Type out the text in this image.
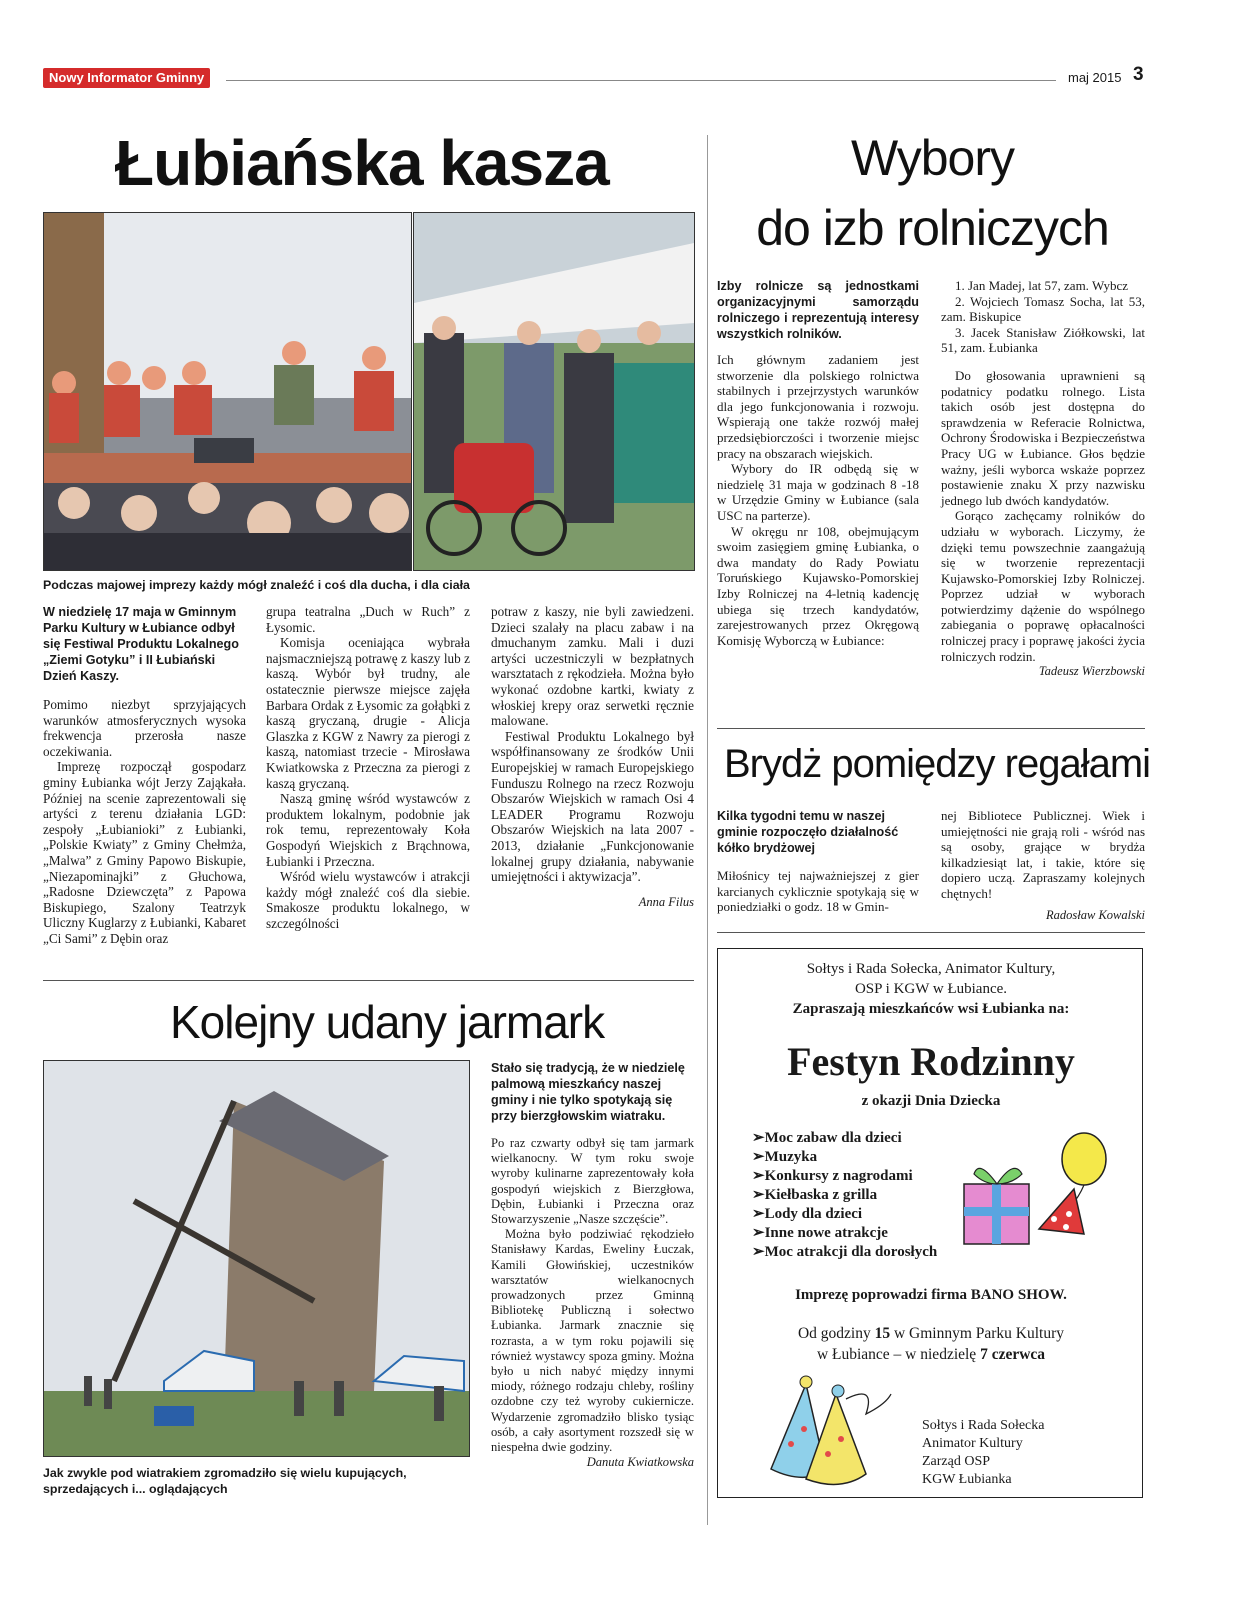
Nowy Informator Gminny	maj 2015 3
Łubiańska kasza
Podczas majowej imprezy każdy mógł znaleźć i coś dla ducha, i dla ciała
W niedzielę 17 maja w Gminnym Parku Kultury w Łubiance odbył się Festiwal Produktu Lokalnego „Ziemi Gotyku” i II Łubiański Dzień Kaszy.

Pomimo niezbyt sprzyjających warunków atmosferycznych wysoka frekwencja przerosła nasze oczekiwania.

Imprezę rozpoczął gospodarz gminy Łubianka wójt Jerzy Zająkała. Później na scenie zaprezentowali się artyści z terenu działania LGD: zespoły „Łubianioki” z Łubianki, „Polskie Kwiaty” z Gminy Chełmża, „Malwa” z Gminy Papowo Biskupie, „Niezapominajki” z Głuchowa, „Radosne Dziewczęta” z Papowa Biskupiego, Szalony Teatrzyk Uliczny Kuglarzy z Łubianki, Kabaret „Ci Sami” z Dębin oraz

grupa teatralna „Duch w Ruch” z Łysomic.

Komisja oceniająca wybrała najsmaczniejszą potrawę z kaszy lub z kaszą. Wybór był trudny, ale ostatecznie pierwsze miejsce zajęła Barbara Ordak z Łysomic za gołąbki z kaszą gryczaną, drugie - Alicja Glaszka z KGW z Nawry za pierogi z kaszą, natomiast trzecie - Mirosława Kwiatkowska z Przeczna za pierogi z kaszą gryczaną.

Naszą gminę wśród wystawców z produktem lokalnym, podobnie jak rok temu, reprezentowały Koła Gospodyń Wiejskich z Brąchnowa, Łubianki i Przeczna.

Wśród wielu wystawców i atrakcji każdy mógł znaleźć coś dla siebie. Smakosze produktu lokalnego, w szczególności

potraw z kaszy, nie byli zawiedzeni. Dzieci szalały na placu zabaw i na dmuchanym zamku. Mali i duzi artyści uczestniczyli w bezpłatnych warsztatach z rękodzieła. Można było wykonać ozdobne kartki, kwiaty z włoskiej krepy oraz serwetki ręcznie malowane.

Festiwal Produktu Lokalnego był współfinansowany ze środków Unii Europejskiej w ramach Europejskiego Funduszu Rolnego na rzecz Rozwoju Obszarów Wiejskich w ramach Osi 4 LEADER Programu Rozwoju Obszarów Wiejskich na lata 2007 - 2013, działanie „Funkcjonowanie lokalnej grupy działania, nabywanie umiejętności i aktywizacja”.

Anna Filus
Kolejny udany jarmark
Jak zwykle pod wiatrakiem zgromadziło się wielu kupujących, sprzedających i... oglądających
Stało się tradycją, że w niedzielę palmową mieszkańcy naszej gminy i nie tylko spotykają się przy bierzgłowskim wiatraku.

Po raz czwarty odbył się tam jarmark wielkanocny. W tym roku swoje wyroby kulinarne zaprezentowały koła gospodyń wiejskich z Bierzgłowa, Dębin, Łubianki i Przeczna oraz Stowarzyszenie „Nasze szczęście”.

Można było podziwiać rękodzieło Stanisławy Kardas, Eweliny Łuczak, Kamili Głowińskiej, uczestników warsztatów wielkanocnych prowadzonych przez Gminną Bibliotekę Publiczną i sołectwo Łubianka. Jarmark znacznie się rozrasta, a w tym roku pojawili się również wystawcy spoza gminy. Można było u nich nabyć między innymi miody, różnego rodzaju chleby, rośliny ozdobne czy też wyroby cukiernicze. Wydarzenie zgromadziło blisko tysiąc osób, a cały asortyment rozszedł się w niespełna dwie godziny.

Danuta Kwiatkowska
Wybory
do izb rolniczych
Izby rolnicze są jednostkami organizacyjnymi samorządu rolniczego i reprezentują interesy wszystkich rolników.

Ich głównym zadaniem jest stworzenie dla polskiego rolnictwa stabilnych i przejrzystych warunków dla jego funkcjonowania i rozwoju. Wspierają one także rozwój małej przedsiębiorczości i tworzenie miejsc pracy na obszarach wiejskich.

Wybory do IR odbędą się w niedzielę 31 maja w godzinach 8 -18 w Urzędzie Gminy w Łubiance (sala USC na parterze).

W okręgu nr 108, obejmującym swoim zasięgiem gminę Łubianka, o dwa mandaty do Rady Powiatu Toruńskiego Kujawsko-Pomorskiej Izby Rolniczej na 4-letnią kadencję ubiega się trzech kandydatów, zarejestrowanych przez Okręgową Komisję Wyborczą w Łubiance:

1. Jan Madej, lat 57, zam. Wybcz

2. Wojciech Tomasz Socha, lat 53, zam. Biskupice

3. Jacek Stanisław Ziółkowski, lat 51, zam. Łubianka

Do głosowania uprawnieni są podatnicy podatku rolnego. Lista takich osób jest dostępna do sprawdzenia w Referacie Rolnictwa, Ochrony Środowiska i Bezpieczeństwa Pracy UG w Łubiance. Głos będzie ważny, jeśli wyborca wskaże poprzez postawienie znaku X przy nazwisku jednego lub dwóch kandydatów.

Gorąco zachęcamy rolników do udziału w wyborach. Liczymy, że dzięki temu powszechnie zaangażują się w tworzenie reprezentacji Kujawsko-Pomorskiej Izby Rolniczej. Poprzez udział w wyborach potwierdzimy dążenie do wspólnego zabiegania o poprawę opłacalności rolniczej pracy i poprawę jakości życia rolniczych rodzin.

Tadeusz Wierzbowski
Brydż pomiędzy regałami
Kilka tygodni temu w naszej gminie rozpoczęło działalność kółko brydżowej
Miłośnicy tej najważniejszej z gier karcianych cyklicznie spotykają się w poniedziałki o godz. 18 w Gmin-
nej Bibliotece Publicznej. Wiek i umiejętności nie grają roli - wśród nas są osoby, grające w brydża kilkadziesiąt lat, i takie, które się dopiero uczą. Zapraszamy kolejnych chętnych!
Radosław Kowalski
Sołtys i Rada Sołecka, Animator Kultury,
OSP i KGW w Łubiance.
Zapraszają mieszkańców wsi Łubianka na:
Festyn Rodzinny
z okazji Dnia Dziecka
➢Moc zabaw dla dzieci
➢Muzyka
➢Konkursy z nagrodami
➢Kiełbaska z grilla
➢Lody dla dzieci
➢Inne nowe atrakcje
➢Moc atrakcji dla dorosłych
Imprezę poprowadzi firma BANO SHOW.
Od godziny 15 w Gminnym Parku Kultury
w Łubiance – w niedzielę 7 czerwca
Sołtys i Rada Sołecka
Animator Kultury
Zarząd OSP
KGW Łubianka
